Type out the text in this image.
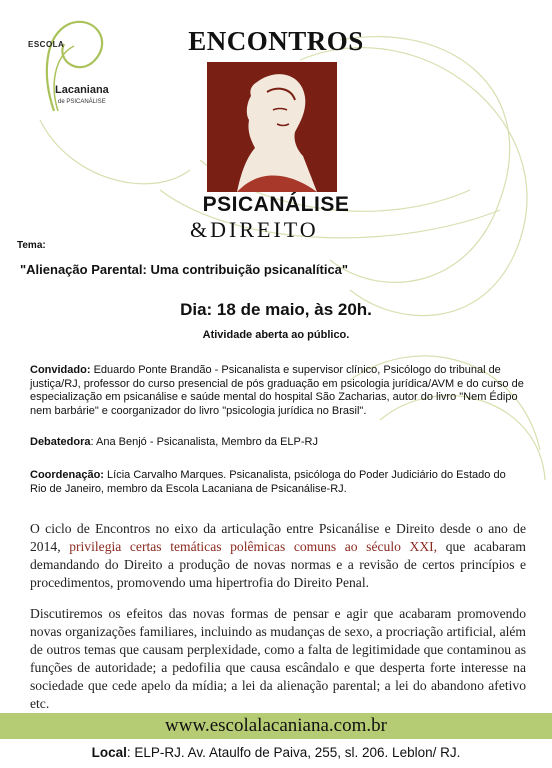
ESCOLA
Lacaniana
de PSICANÁLISE
ENCONTROS
PSICANÁLISE
&DIREITO
Tema:
"Alienação Parental: Uma contribuição psicanalítica"
Dia: 18 de maio, às 20h.
Atividade aberta ao público.
Convidado: Eduardo Ponte Brandão - Psicanalista e supervisor clínico, Psicólogo do tribunal de justiça/RJ, professor do curso presencial de pós graduação em psicologia jurídica/AVM e do curso de especialização em psicanálise e saúde mental do hospital São Zacharias, autor do livro "Nem Édipo nem barbárie" e coorganizador do livro "psicologia jurídica no Brasil".
Debatedora: Ana Benjó - Psicanalista, Membro da ELP-RJ
Coordenação: Lícia Carvalho Marques. Psicanalista, psicóloga do Poder Judiciário do Estado do Rio de Janeiro, membro da Escola Lacaniana de Psicanálise-RJ.
O ciclo de Encontros no eixo da articulação entre Psicanálise e Direito desde o ano de 2014, privilegia certas temáticas polêmicas comuns ao século XXI, que acabaram demandando do Direito a produção de novas normas e a revisão de certos princípios e procedimentos, promovendo uma hipertrofia do Direito Penal.
Discutiremos os efeitos das novas formas de pensar e agir que acabaram promovendo novas organizações familiares, incluindo as mudanças de sexo, a procriação artificial, além de outros temas que causam perplexidade, como a falta de legitimidade que contaminou as funções de autoridade; a pedofilia que causa escândalo e que desperta forte interesse na sociedade que cede apelo da mídia; a lei da alienação parental; a lei do abandono afetivo etc.
www.escolalacaniana.com.br
Local: ELP-RJ. Av. Ataulfo de Paiva, 255, sl. 206. Leblon/ RJ.
